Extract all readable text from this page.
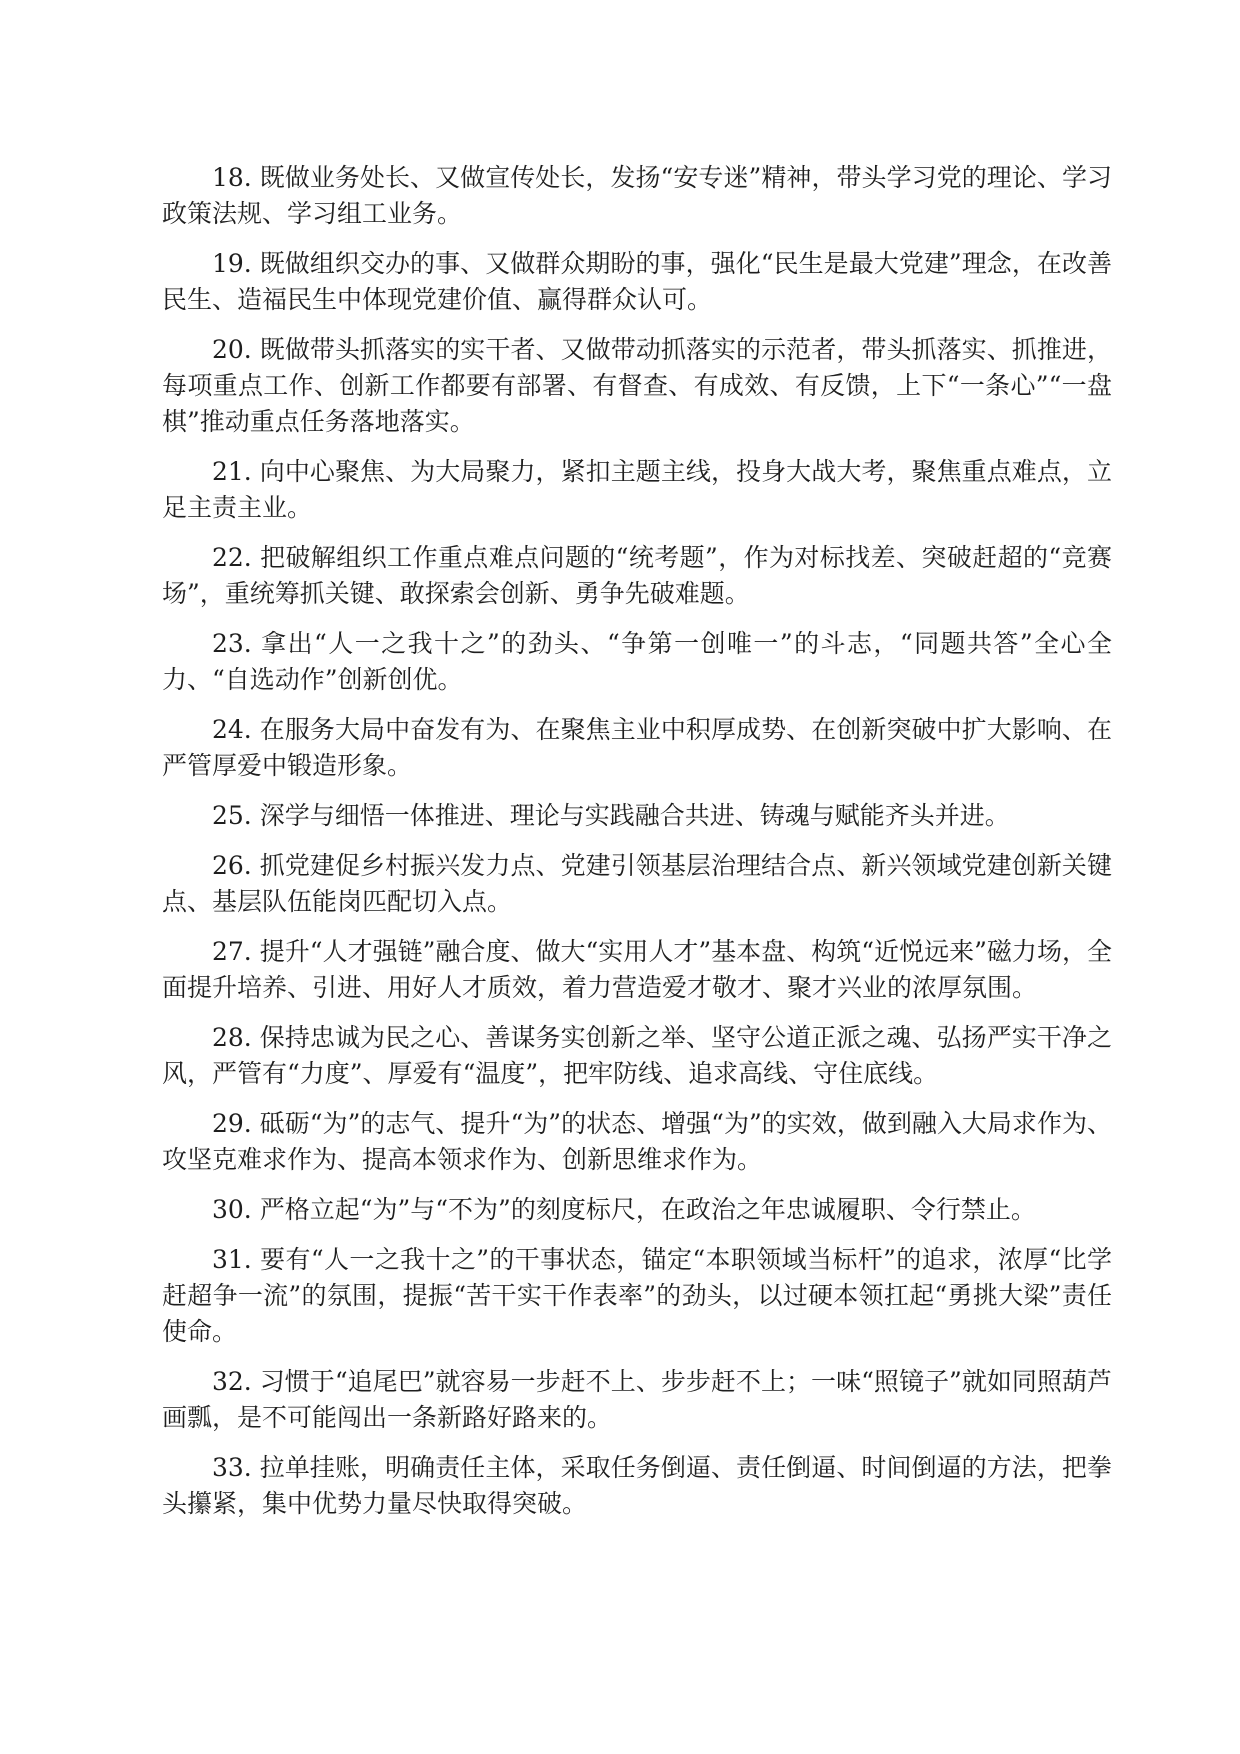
18. 既做业务处长、又做宣传处长，发扬“安专迷”精神，带头学习党的理论、学习政策法规、学习组工业务。

19. 既做组织交办的事、又做群众期盼的事，强化“民生是最大党建”理念，在改善民生、造福民生中体现党建价值、赢得群众认可。

20. 既做带头抓落实的实干者、又做带动抓落实的示范者，带头抓落实、抓推进，每项重点工作、创新工作都要有部署、有督查、有成效、有反馈，上下“一条心”“一盘棋”推动重点任务落地落实。

21. 向中心聚焦、为大局聚力，紧扣主题主线，投身大战大考，聚焦重点难点，立足主责主业。

22. 把破解组织工作重点难点问题的“统考题”，作为对标找差、突破赶超的“竞赛场”，重统筹抓关键、敢探索会创新、勇争先破难题。

23. 拿出“人一之我十之”的劲头、“争第一创唯一”的斗志，“同题共答”全心全力、“自选动作”创新创优。

24. 在服务大局中奋发有为、在聚焦主业中积厚成势、在创新突破中扩大影响、在严管厚爱中锻造形象。

25. 深学与细悟一体推进、理论与实践融合共进、铸魂与赋能齐头并进。

26. 抓党建促乡村振兴发力点、党建引领基层治理结合点、新兴领域党建创新关键点、基层队伍能岗匹配切入点。

27. 提升“人才强链”融合度、做大“实用人才”基本盘、构筑“近悦远来”磁力场，全面提升培养、引进、用好人才质效，着力营造爱才敬才、聚才兴业的浓厚氛围。

28. 保持忠诚为民之心、善谋务实创新之举、坚守公道正派之魂、弘扬严实干净之风，严管有“力度”、厚爱有“温度”，把牢防线、追求高线、守住底线。

29. 砥砺“为”的志气、提升“为”的状态、增强“为”的实效，做到融入大局求作为、攻坚克难求作为、提高本领求作为、创新思维求作为。

30. 严格立起“为”与“不为”的刻度标尺，在政治之年忠诚履职、令行禁止。

31. 要有“人一之我十之”的干事状态，锚定“本职领域当标杆”的追求，浓厚“比学赶超争一流”的氛围，提振“苦干实干作表率”的劲头，以过硬本领扛起“勇挑大梁”责任使命。

32. 习惯于“追尾巴”就容易一步赶不上、步步赶不上；一味“照镜子”就如同照葫芦画瓢，是不可能闯出一条新路好路来的。

33. 拉单挂账，明确责任主体，采取任务倒逼、责任倒逼、时间倒逼的方法，把拳头攥紧，集中优势力量尽快取得突破。
